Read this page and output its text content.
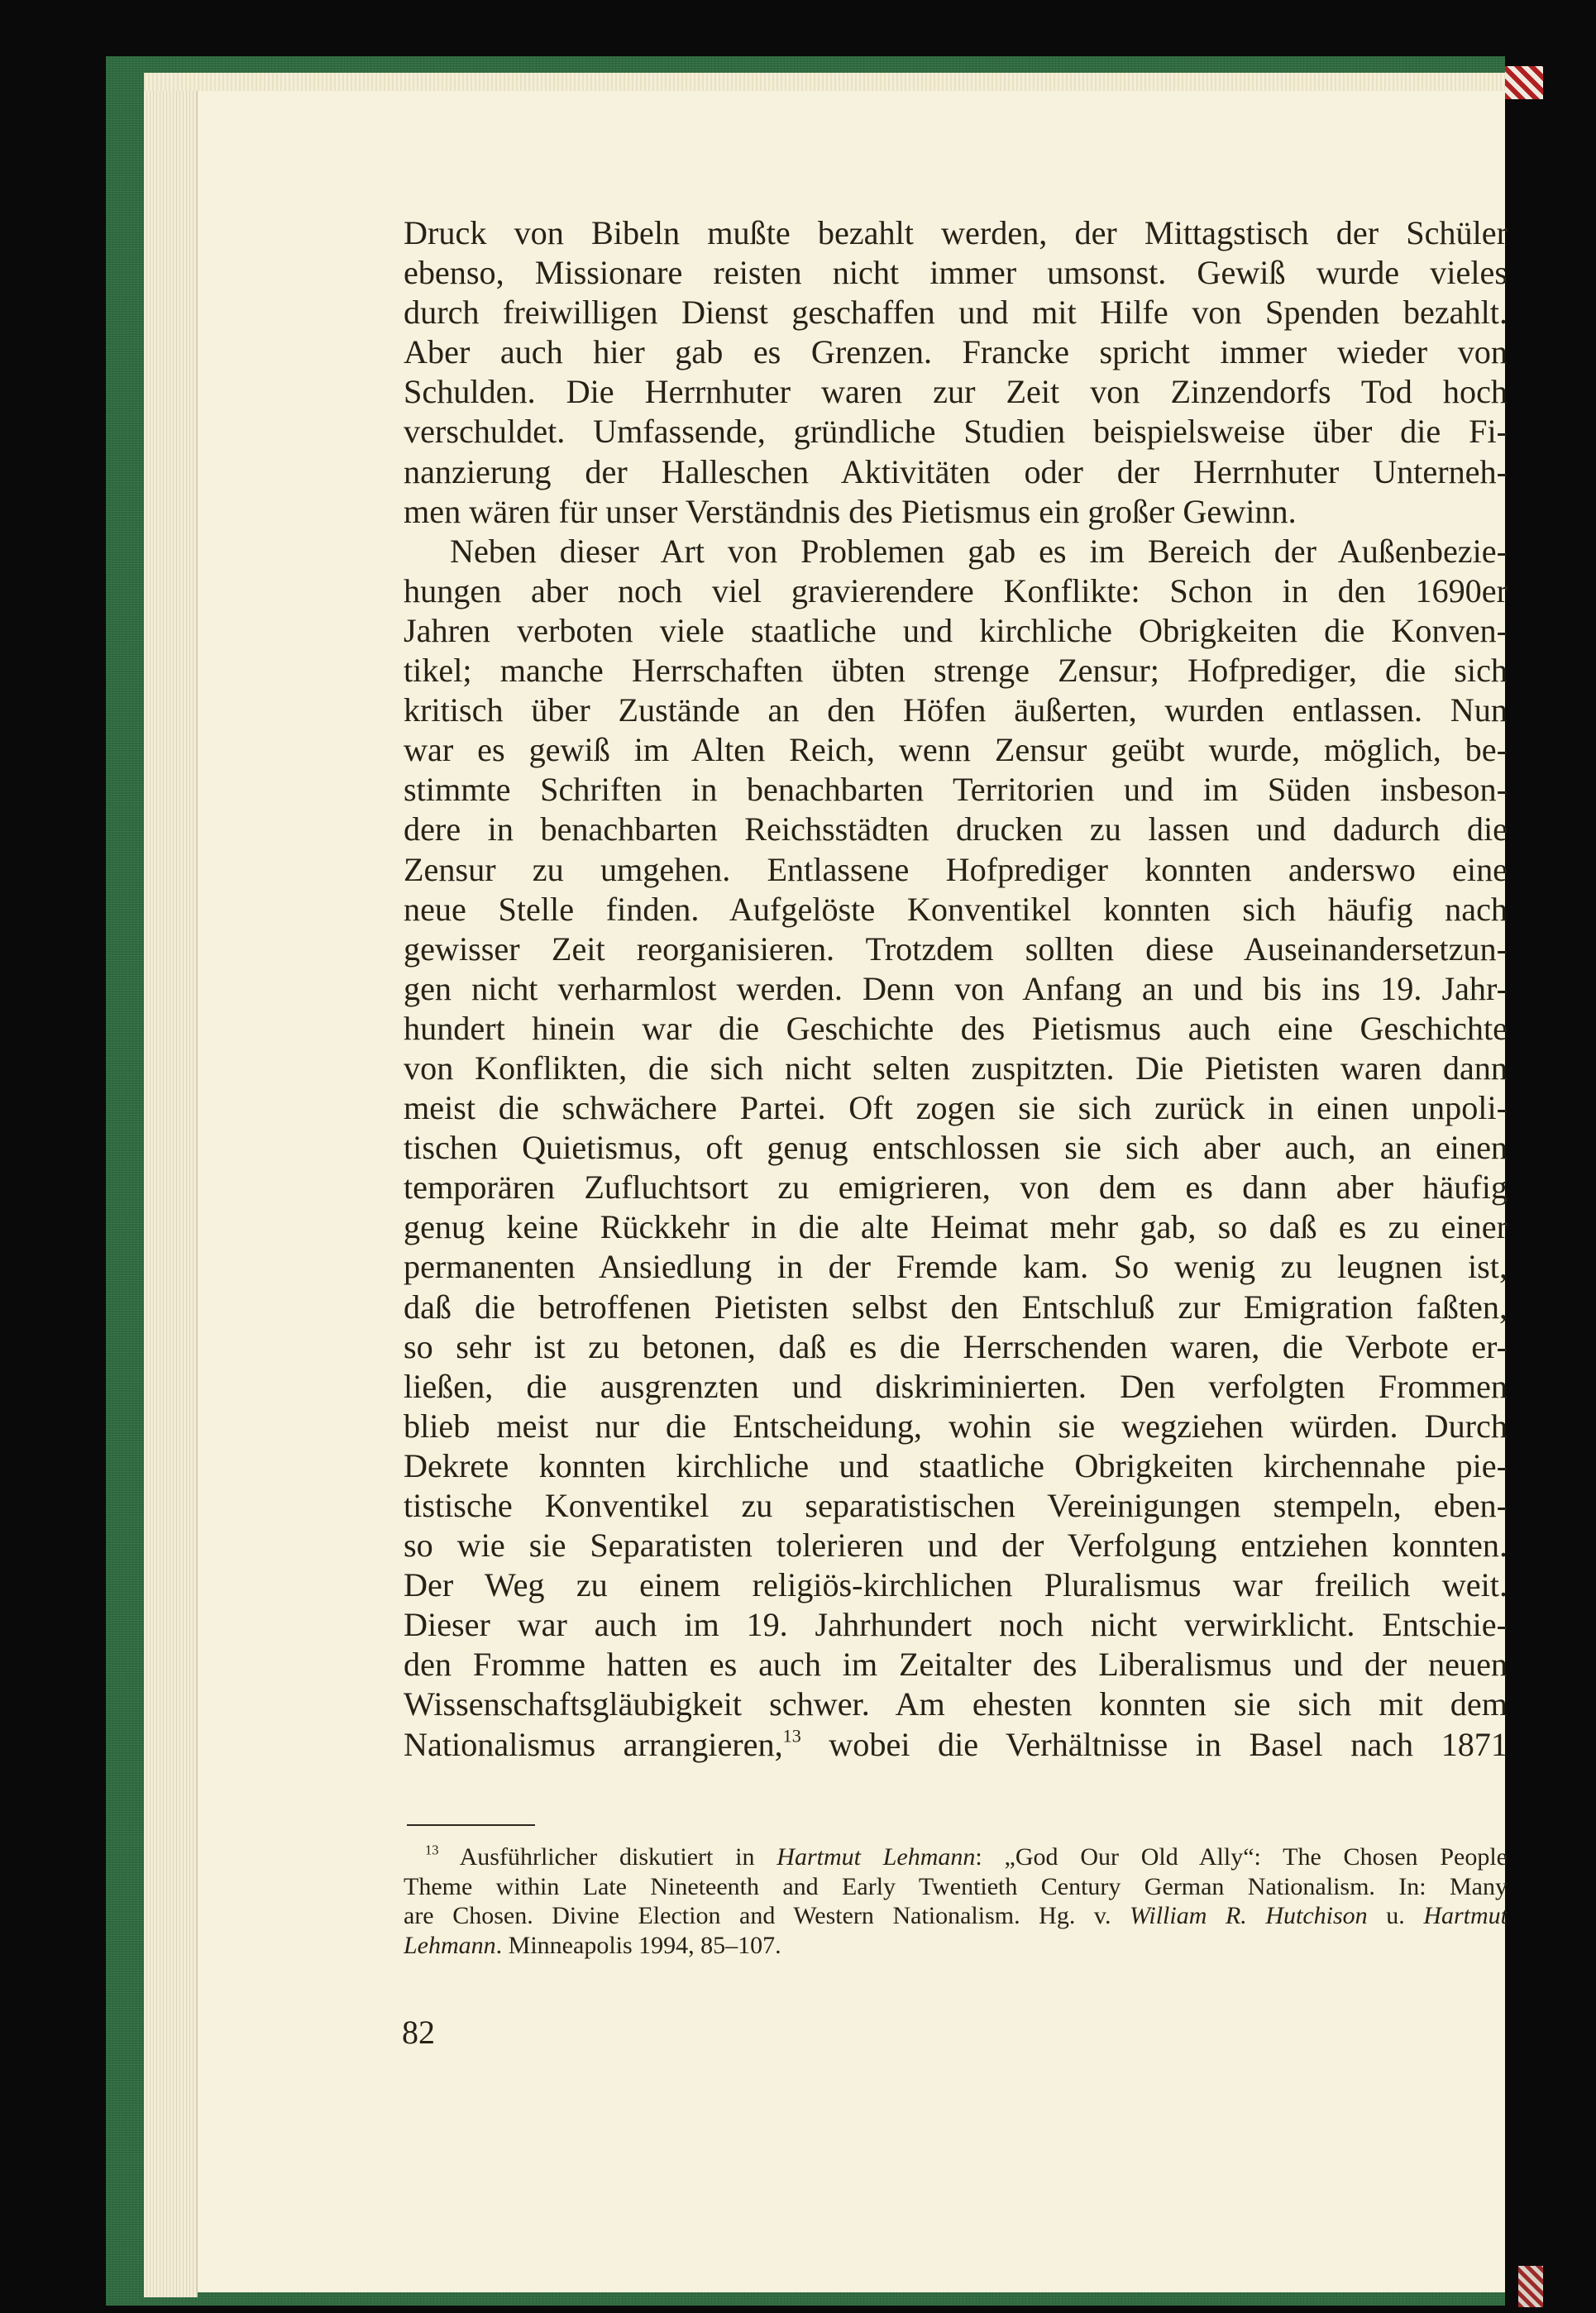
Druck von Bibeln mußte bezahlt werden, der Mittagstisch der Schüler
ebenso, Missionare reisten nicht immer umsonst. Gewiß wurde vieles
durch freiwilligen Dienst geschaffen und mit Hilfe von Spenden bezahlt.
Aber auch hier gab es Grenzen. Francke spricht immer wieder von
Schulden. Die Herrnhuter waren zur Zeit von Zinzendorfs Tod hoch
verschuldet. Umfassende, gründliche Studien beispielsweise über die Fi-
nanzierung der Halleschen Aktivitäten oder der Herrnhuter Unterneh-
men wären für unser Verständnis des Pietismus ein großer Gewinn.
Neben dieser Art von Problemen gab es im Bereich der Außenbezie-
hungen aber noch viel gravierendere Konflikte: Schon in den 1690er
Jahren verboten viele staatliche und kirchliche Obrigkeiten die Konven-
tikel; manche Herrschaften übten strenge Zensur; Hofprediger, die sich
kritisch über Zustände an den Höfen äußerten, wurden entlassen. Nun
war es gewiß im Alten Reich, wenn Zensur geübt wurde, möglich, be-
stimmte Schriften in benachbarten Territorien und im Süden insbeson-
dere in benachbarten Reichsstädten drucken zu lassen und dadurch die
Zensur zu umgehen. Entlassene Hofprediger konnten anderswo eine
neue Stelle finden. Aufgelöste Konventikel konnten sich häufig nach
gewisser Zeit reorganisieren. Trotzdem sollten diese Auseinandersetzun-
gen nicht verharmlost werden. Denn von Anfang an und bis ins 19. Jahr-
hundert hinein war die Geschichte des Pietismus auch eine Geschichte
von Konflikten, die sich nicht selten zuspitzten. Die Pietisten waren dann
meist die schwächere Partei. Oft zogen sie sich zurück in einen unpoli-
tischen Quietismus, oft genug entschlossen sie sich aber auch, an einen
temporären Zufluchtsort zu emigrieren, von dem es dann aber häufig
genug keine Rückkehr in die alte Heimat mehr gab, so daß es zu einer
permanenten Ansiedlung in der Fremde kam. So wenig zu leugnen ist,
daß die betroffenen Pietisten selbst den Entschluß zur Emigration faßten,
so sehr ist zu betonen, daß es die Herrschenden waren, die Verbote er-
ließen, die ausgrenzten und diskriminierten. Den verfolgten Frommen
blieb meist nur die Entscheidung, wohin sie wegziehen würden. Durch
Dekrete konnten kirchliche und staatliche Obrigkeiten kirchennahe pie-
tistische Konventikel zu separatistischen Vereinigungen stempeln, eben-
so wie sie Separatisten tolerieren und der Verfolgung entziehen konnten.
Der Weg zu einem religiös-kirchlichen Pluralismus war freilich weit.
Dieser war auch im 19. Jahrhundert noch nicht verwirklicht. Entschie-
den Fromme hatten es auch im Zeitalter des Liberalismus und der neuen
Wissenschaftsgläubigkeit schwer. Am ehesten konnten sie sich mit dem
Nationalismus arrangieren,$^{13}$ wobei die Verhältnisse in Basel nach 1871
$^{13}$ Ausführlicher diskutiert in Hartmut Lehmann: „God Our Old Ally“: The Chosen People
Theme within Late Nineteenth and Early Twentieth Century German Nationalism. In: Many
are Chosen. Divine Election and Western Nationalism. Hg. v. William R. Hutchison u. Hartmut
Lehmann. Minneapolis 1994, 85–107.
82
